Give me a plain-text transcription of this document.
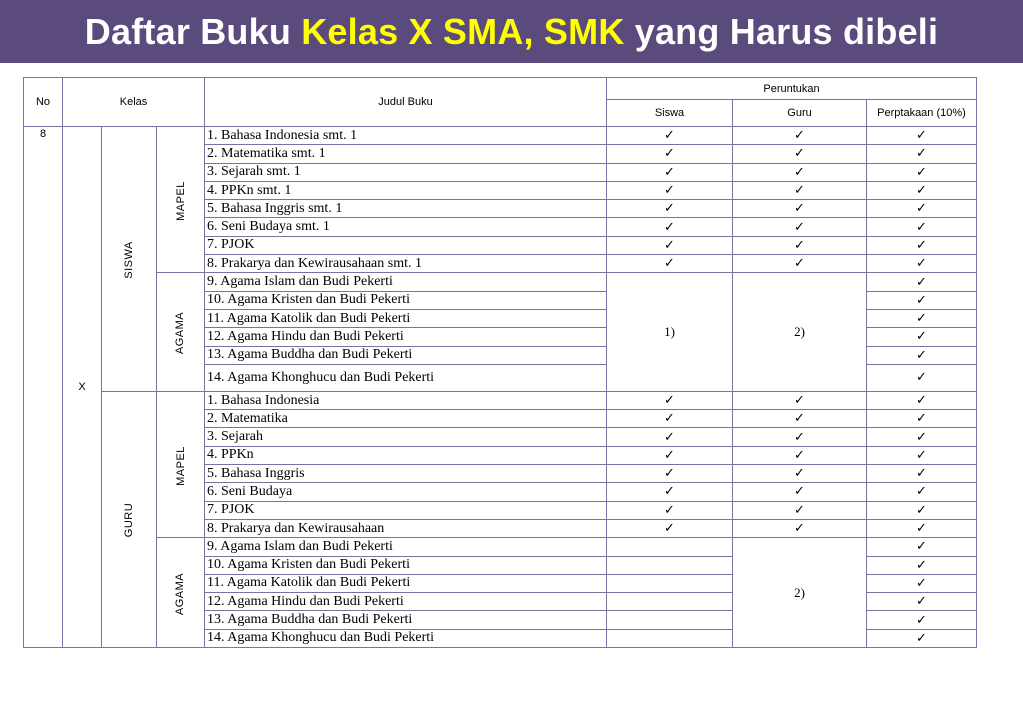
Daftar Buku Kelas X SMA, SMK yang Harus dibeli
No	Kelas			Judul Buku	Peruntukan		
					Siswa	Guru	Perptakaan (10%)
8	X	SISWA	MAPEL	1. Bahasa Indonesia smt. 1	✓	✓	✓
				2. Matematika smt. 1	✓	✓	✓
				3. Sejarah smt. 1	✓	✓	✓
				4. PPKn smt. 1	✓	✓	✓
				5. Bahasa Inggris smt. 1	✓	✓	✓
				6. Seni Budaya smt. 1	✓	✓	✓
				7. PJOK	✓	✓	✓
				8. Prakarya dan Kewirausahaan smt. 1	✓	✓	✓
			AGAMA	9. Agama Islam dan Budi Pekerti	1)	2)	✓
				10. Agama Kristen dan Budi Pekerti			✓
				11. Agama Katolik dan Budi Pekerti			✓
				12. Agama Hindu dan Budi Pekerti			✓
				13. Agama Buddha dan Budi Pekerti			✓
				14. Agama Khonghucu dan Budi Pekerti			✓
		GURU	MAPEL	1. Bahasa Indonesia	✓	✓	✓
				2. Matematika	✓	✓	✓
				3. Sejarah	✓	✓	✓
				4. PPKn	✓	✓	✓
				5. Bahasa Inggris	✓	✓	✓
				6. Seni Budaya	✓	✓	✓
				7. PJOK	✓	✓	✓
				8. Prakarya dan Kewirausahaan	✓	✓	✓
			AGAMA	9. Agama Islam dan Budi Pekerti		2)	✓
				10. Agama Kristen dan Budi Pekerti			✓
				11. Agama Katolik dan Budi Pekerti			✓
				12. Agama Hindu dan Budi Pekerti			✓
				13. Agama Buddha dan Budi Pekerti			✓
				14. Agama Khonghucu dan Budi Pekerti			✓
